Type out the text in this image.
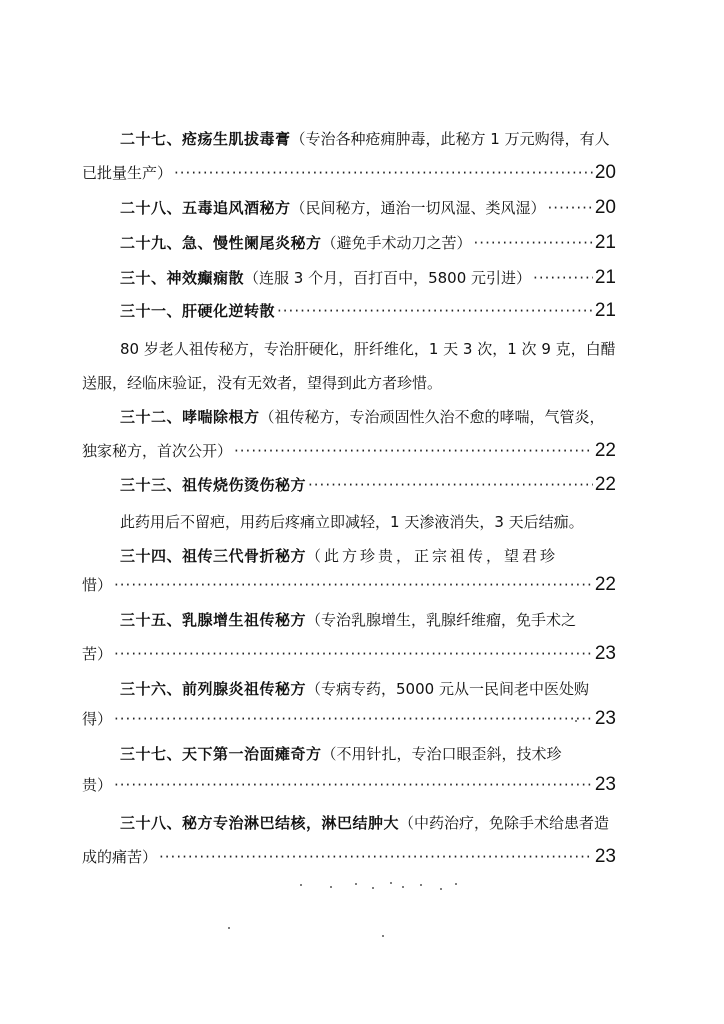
二十七、疮疡生肌拔毒膏（专治各种疮痈肿毒，此秘方 1 万元购得，有人
已批量生产） ·····	20
二十八、五毒追风酒秘方 （民间秘方，通治一切风湿、类风湿） ·····	20
二十九、急、慢性阑尾炎秘方 （避免手术动刀之苦） ·····	21
三十、神效癫痫散 （连服 3 个月，百打百中，5800 元引进） ·····	21
三十一、肝硬化逆转散 ·····	21
80 岁老人祖传秘方，专治肝硬化，肝纤维化，1 天 3 次，1 次 9 克，白醋
送服，经临床验证，没有无效者，望得到此方者珍惜。
三十二、哮喘除根方（祖传秘方，专治顽固性久治不愈的哮喘，气管炎，
独家秘方，首次公开） ·····	22
三十三、祖传烧伤烫伤秘方 ·····	22
此药用后不留疤，用药后疼痛立即减轻，1 天渗液消失，3 天后结痂。
三十四、祖传三代骨折秘方（此方珍贵，正宗祖传，望君珍
惜） ·····	22
三十五、乳腺增生祖传秘方（专治乳腺增生，乳腺纤维瘤，免手术之
苦） ·····	23
三十六、前列腺炎祖传秘方（专病专药，5000 元从一民间老中医处购
得） ·····	23
三十七、天下第一治面瘫奇方（不用针扎，专治口眼歪斜，技术珍
贵） ·····	23
三十八、秘方专治淋巴结核，淋巴结肿大（中药治疗，免除手术给患者造
成的痛苦） ·····	23
